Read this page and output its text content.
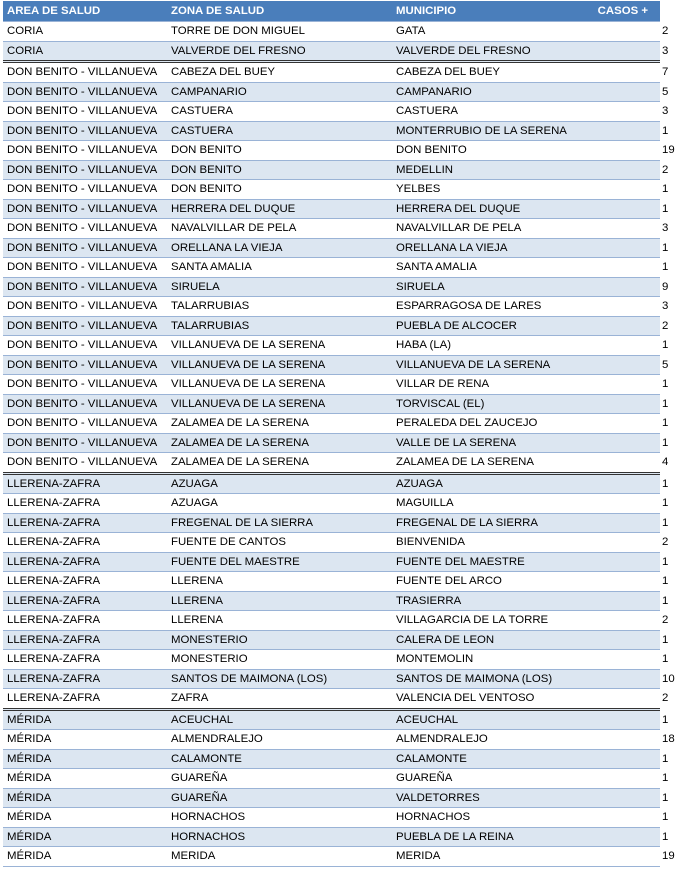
AREA DE SALUD	ZONA DE SALUD	MUNICIPIO	CASOS +
CORIA	TORRE DE DON MIGUEL	GATA	2
CORIA	VALVERDE DEL FRESNO	VALVERDE DEL FRESNO	3
DON BENITO - VILLANUEVA	CABEZA DEL BUEY	CABEZA DEL BUEY	7
DON BENITO - VILLANUEVA	CAMPANARIO	CAMPANARIO	5
DON BENITO - VILLANUEVA	CASTUERA	CASTUERA	3
DON BENITO - VILLANUEVA	CASTUERA	MONTERRUBIO DE LA SERENA	1
DON BENITO - VILLANUEVA	DON BENITO	DON BENITO	19
DON BENITO - VILLANUEVA	DON BENITO	MEDELLIN	2
DON BENITO - VILLANUEVA	DON BENITO	YELBES	1
DON BENITO - VILLANUEVA	HERRERA DEL DUQUE	HERRERA DEL DUQUE	1
DON BENITO - VILLANUEVA	NAVALVILLAR DE PELA	NAVALVILLAR DE PELA	3
DON BENITO - VILLANUEVA	ORELLANA LA VIEJA	ORELLANA LA VIEJA	1
DON BENITO - VILLANUEVA	SANTA AMALIA	SANTA AMALIA	1
DON BENITO - VILLANUEVA	SIRUELA	SIRUELA	9
DON BENITO - VILLANUEVA	TALARRUBIAS	ESPARRAGOSA DE LARES	3
DON BENITO - VILLANUEVA	TALARRUBIAS	PUEBLA DE ALCOCER	2
DON BENITO - VILLANUEVA	VILLANUEVA DE LA SERENA	HABA (LA)	1
DON BENITO - VILLANUEVA	VILLANUEVA DE LA SERENA	VILLANUEVA DE LA SERENA	5
DON BENITO - VILLANUEVA	VILLANUEVA DE LA SERENA	VILLAR DE RENA	1
DON BENITO - VILLANUEVA	VILLANUEVA DE LA SERENA	TORVISCAL (EL)	1
DON BENITO - VILLANUEVA	ZALAMEA DE LA SERENA	PERALEDA DEL ZAUCEJO	1
DON BENITO - VILLANUEVA	ZALAMEA DE LA SERENA	VALLE DE LA SERENA	1
DON BENITO - VILLANUEVA	ZALAMEA DE LA SERENA	ZALAMEA DE LA SERENA	4
LLERENA-ZAFRA	AZUAGA	AZUAGA	1
LLERENA-ZAFRA	AZUAGA	MAGUILLA	1
LLERENA-ZAFRA	FREGENAL DE LA SIERRA	FREGENAL DE LA SIERRA	1
LLERENA-ZAFRA	FUENTE DE CANTOS	BIENVENIDA	2
LLERENA-ZAFRA	FUENTE DEL MAESTRE	FUENTE DEL MAESTRE	1
LLERENA-ZAFRA	LLERENA	FUENTE DEL ARCO	1
LLERENA-ZAFRA	LLERENA	TRASIERRA	1
LLERENA-ZAFRA	LLERENA	VILLAGARCIA DE LA TORRE	2
LLERENA-ZAFRA	MONESTERIO	CALERA DE LEON	1
LLERENA-ZAFRA	MONESTERIO	MONTEMOLIN	1
LLERENA-ZAFRA	SANTOS DE MAIMONA (LOS)	SANTOS DE MAIMONA (LOS)	10
LLERENA-ZAFRA	ZAFRA	VALENCIA DEL VENTOSO	2
MÉRIDA	ACEUCHAL	ACEUCHAL	1
MÉRIDA	ALMENDRALEJO	ALMENDRALEJO	18
MÉRIDA	CALAMONTE	CALAMONTE	1
MÉRIDA	GUAREÑA	GUAREÑA	1
MÉRIDA	GUAREÑA	VALDETORRES	1
MÉRIDA	HORNACHOS	HORNACHOS	1
MÉRIDA	HORNACHOS	PUEBLA DE LA REINA	1
MÉRIDA	MERIDA	MERIDA	19
